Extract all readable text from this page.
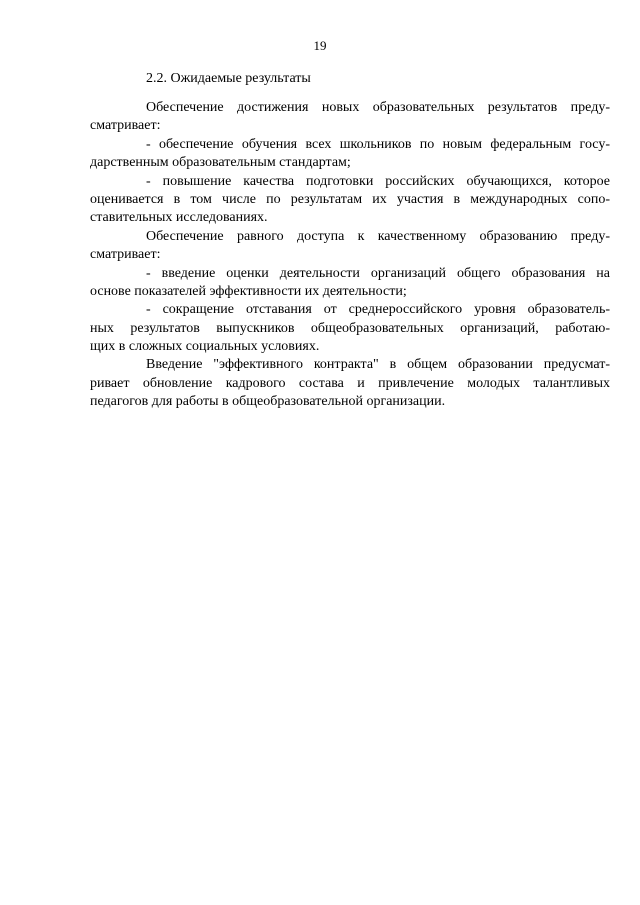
19
2.2. Ожидаемые результаты
Обеспечение достижения новых образовательных результатов преду-
сматривает:
- обеспечение обучения всех школьников по новым федеральным госу-
дарственным образовательным стандартам;
- повышение качества подготовки российских обучающихся, которое
оценивается в том числе по результатам их участия в международных сопо-
ставительных исследованиях.
Обеспечение равного доступа к качественному образованию преду-
сматривает:
- введение оценки деятельности организаций общего образования на
основе показателей эффективности их деятельности;
- сокращение отставания от среднероссийского уровня образователь-
ных результатов выпускников общеобразовательных организаций, работаю-
щих в сложных социальных условиях.
Введение "эффективного контракта" в общем образовании предусмат-
ривает обновление кадрового состава и привлечение молодых талантливых
педагогов для работы в общеобразовательной организации.
